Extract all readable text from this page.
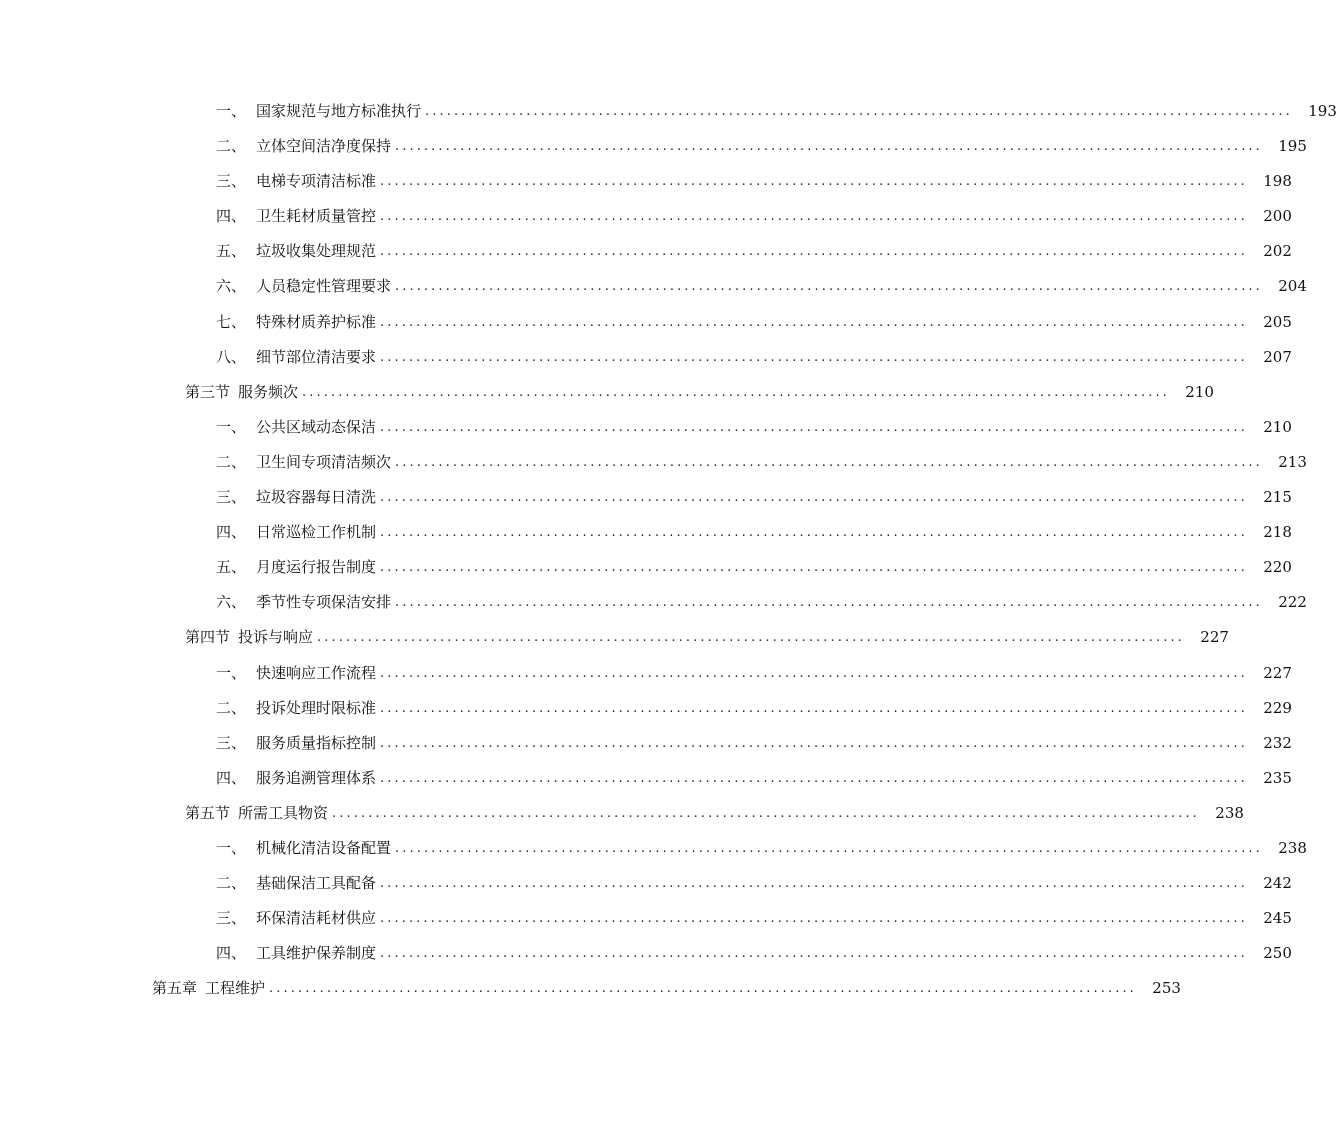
一、 国家规范与地方标准执行 ........................................................................................................................	193
二、 立体空间洁净度保持 ........................................................................................................................	195
三、 电梯专项清洁标准 ........................................................................................................................	198
四、 卫生耗材质量管控 ........................................................................................................................	200
五、 垃圾收集处理规范 ........................................................................................................................	202
六、 人员稳定性管理要求 ........................................................................................................................	204
七、 特殊材质养护标准 ........................................................................................................................	205
八、 细节部位清洁要求 ........................................................................................................................	207
第三节 服务频次 ........................................................................................................................	210
一、 公共区域动态保洁 ........................................................................................................................	210
二、 卫生间专项清洁频次 ........................................................................................................................	213
三、 垃圾容器每日清洗 ........................................................................................................................	215
四、 日常巡检工作机制 ........................................................................................................................	218
五、 月度运行报告制度 ........................................................................................................................	220
六、 季节性专项保洁安排 ........................................................................................................................	222
第四节 投诉与响应 ........................................................................................................................	227
一、 快速响应工作流程 ........................................................................................................................	227
二、 投诉处理时限标准 ........................................................................................................................	229
三、 服务质量指标控制 ........................................................................................................................	232
四、 服务追溯管理体系 ........................................................................................................................	235
第五节 所需工具物资 ........................................................................................................................	238
一、 机械化清洁设备配置 ........................................................................................................................	238
二、 基础保洁工具配备 ........................................................................................................................	242
三、 环保清洁耗材供应 ........................................................................................................................	245
四、 工具维护保养制度 ........................................................................................................................	250
第五章 工程维护 ........................................................................................................................	253
